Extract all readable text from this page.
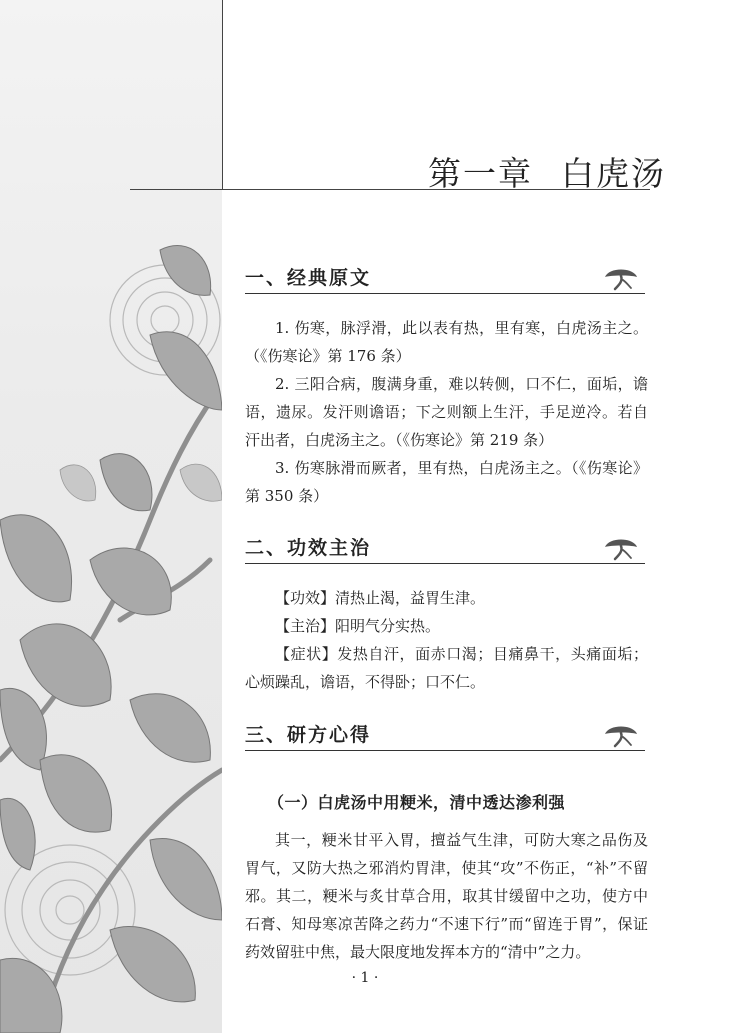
第一章 白虎汤
一、经典原文
1. 伤寒，脉浮滑，此以表有热，里有寒，白虎汤主之。（《伤寒论》第 176 条）
2. 三阳合病，腹满身重，难以转侧，口不仁，面垢，谵语，遗尿。发汗则谵语；下之则额上生汗，手足逆冷。若自汗出者，白虎汤主之。（《伤寒论》第 219 条）
3. 伤寒脉滑而厥者，里有热，白虎汤主之。（《伤寒论》第 350 条）
二、功效主治
【功效】清热止渴，益胃生津。
【主治】阳明气分实热。
【症状】发热自汗，面赤口渴；目痛鼻干，头痛面垢；心烦躁乱，谵语，不得卧；口不仁。
三、研方心得
（一）白虎汤中用粳米，清中透达渗利强
其一，粳米甘平入胃，擅益气生津，可防大寒之品伤及胃气，又防大热之邪消灼胃津，使其“攻”不伤正，“补”不留邪。其二，粳米与炙甘草合用，取其甘缓留中之功，使方中石膏、知母寒凉苦降之药力“不速下行”而“留连于胃”，保证药效留驻中焦，最大限度地发挥本方的“清中”之力。
· 1 ·
